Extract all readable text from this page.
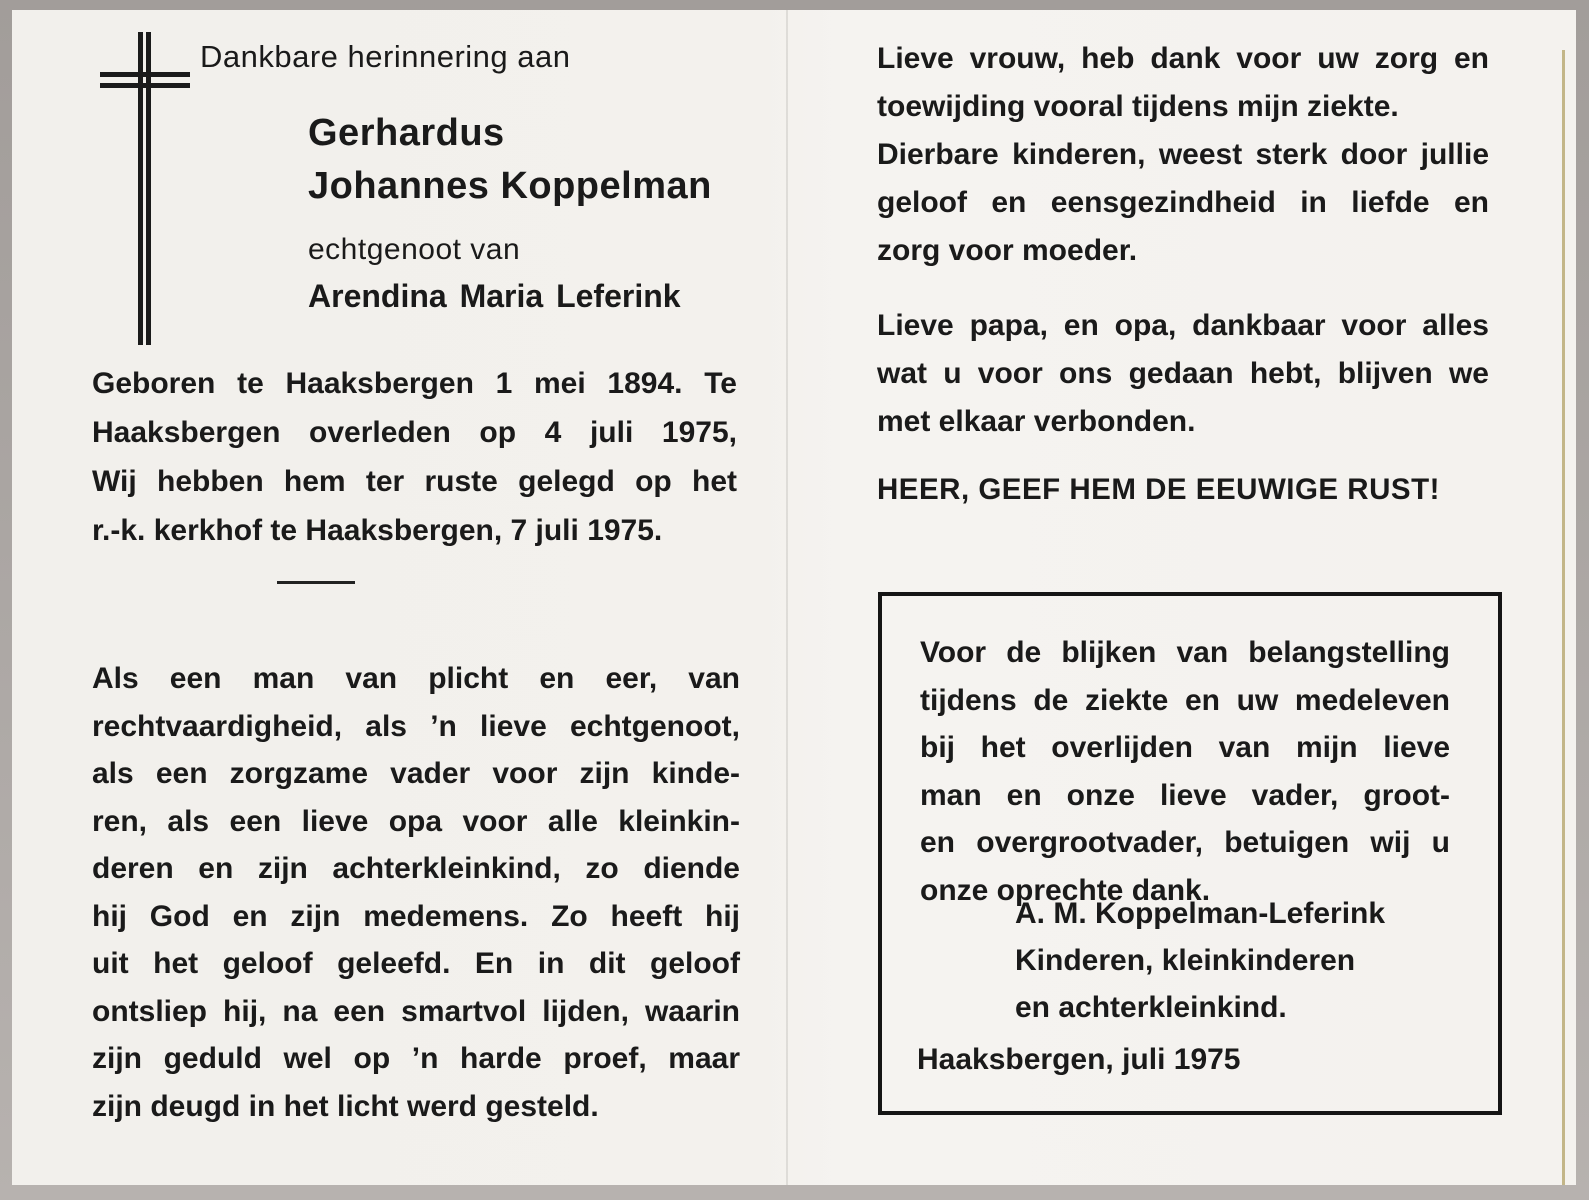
Dankbare herinnering aan
Gerhardus
Johannes Koppelman
echtgenoot van
Arendina Maria Leferink
Geboren te Haaksbergen 1 mei 1894. Te
Haaksbergen overleden op 4 juli 1975,
Wij hebben hem ter ruste gelegd op het
r.-k. kerkhof te Haaksbergen, 7 juli 1975.
Als een man van plicht en eer, van
rechtvaardigheid, als ’n lieve echtgenoot,
als een zorgzame vader voor zijn kinde-
ren, als een lieve opa voor alle kleinkin-
deren en zijn achterkleinkind, zo diende
hij God en zijn medemens. Zo heeft hij
uit het geloof geleefd. En in dit geloof
ontsliep hij, na een smartvol lijden, waarin
zijn geduld wel op ’n harde proef, maar
zijn deugd in het licht werd gesteld.
Lieve vrouw, heb dank voor uw zorg en
toewijding vooral tijdens mijn ziekte.
Dierbare kinderen, weest sterk door jullie
geloof en eensgezindheid in liefde en
zorg voor moeder.
Lieve papa, en opa, dankbaar voor alles
wat u voor ons gedaan hebt, blijven we
met elkaar verbonden.
HEER, GEEF HEM DE EEUWIGE RUST!
Voor de blijken van belangstelling
tijdens de ziekte en uw medeleven
bij het overlijden van mijn lieve
man en onze lieve vader, groot-
en overgrootvader, betuigen wij u
onze oprechte dank.
A. M. Koppelman-Leferink
Kinderen, kleinkinderen
en achterkleinkind.
Haaksbergen, juli 1975
